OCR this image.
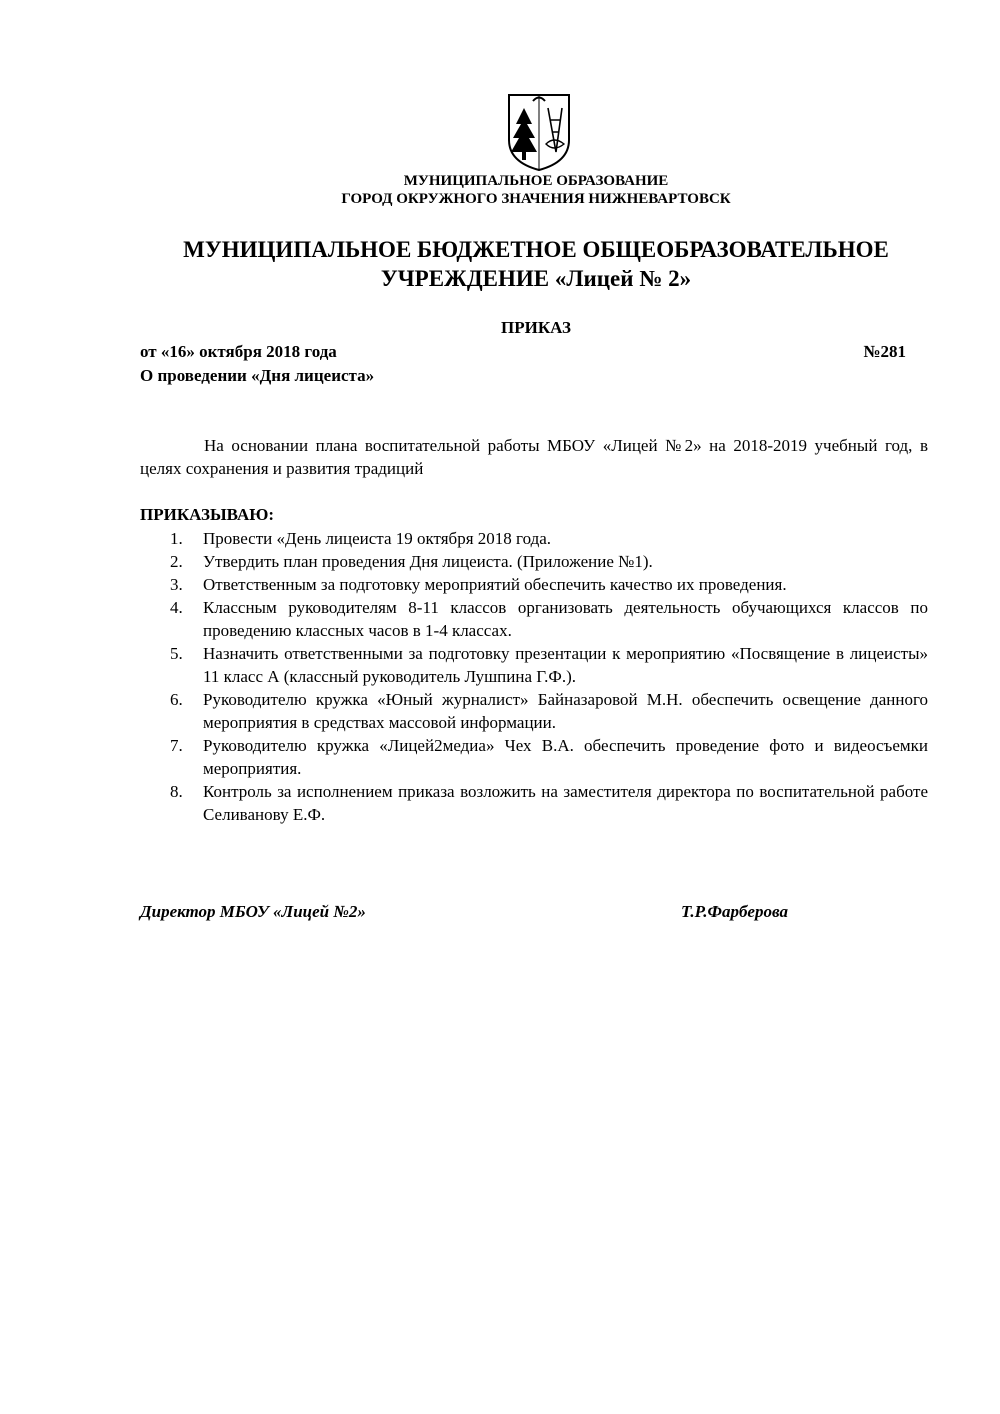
МУНИЦИПАЛЬНОЕ ОБРАЗОВАНИЕ
ГОРОД ОКРУЖНОГО ЗНАЧЕНИЯ НИЖНЕВАРТОВСК
МУНИЦИПАЛЬНОЕ БЮДЖЕТНОЕ ОБЩЕОБРАЗОВАТЕЛЬНОЕ
УЧРЕЖДЕНИЕ «Лицей № 2»
ПРИКАЗ
от «16» октября 2018 года	№281
О проведении «Дня лицеиста»
На основании плана воспитательной работы МБОУ «Лицей №2» на 2018-2019 учебный год, в целях сохранения и развития традиций
ПРИКАЗЫВАЮ:
1.	Провести «День лицеиста 19 октября 2018 года.
2.	Утвердить план проведения Дня лицеиста. (Приложение №1).
3.	Ответственным за подготовку мероприятий обеспечить качество их проведения.
4.	Классным руководителям 8-11 классов организовать деятельность обучающихся классов по проведению классных часов в 1-4 классах.
5.	Назначить ответственными за подготовку презентации к мероприятию «Посвящение в лицеисты» 11 класс А (классный руководитель Лушпина Г.Ф.).
6.	Руководителю кружка «Юный журналист» Байназаровой М.Н. обеспечить освещение данного мероприятия в средствах массовой информации.
7.	Руководителю кружка «Лицей2медиа» Чех В.А. обеспечить проведение фото и видеосъемки мероприятия.
8.	Контроль за исполнением приказа возложить на заместителя директора по воспитательной работе Селиванову Е.Ф.
Директор МБОУ «Лицей №2»	Т.Р.Фарберова
